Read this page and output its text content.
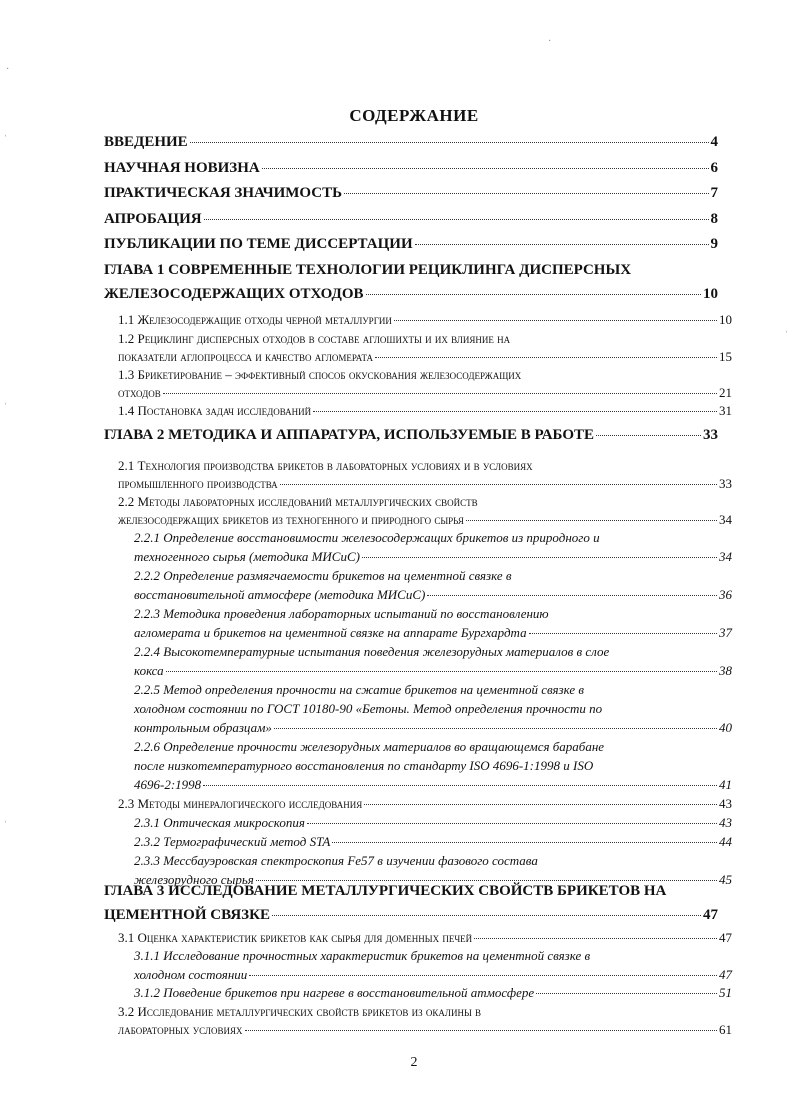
СОДЕРЖАНИЕ
ВВЕДЕНИЕ	4
НАУЧНАЯ НОВИЗНА	6
ПРАКТИЧЕСКАЯ ЗНАЧИМОСТЬ	7
АПРОБАЦИЯ	8
ПУБЛИКАЦИИ ПО ТЕМЕ ДИССЕРТАЦИИ	9
ГЛАВА 1 СОВРЕМЕННЫЕ ТЕХНОЛОГИИ РЕЦИКЛИНГА ДИСПЕРСНЫХ
ЖЕЛЕЗОСОДЕРЖАЩИХ ОТХОДОВ	10
1.1 Железосодержащие отходы черной металлургии	10
1.2 Рециклинг дисперсных отходов в составе аглошихты и их влияние на
показатели аглопроцесса и качество агломерата	15
1.3 Брикетирование – эффективный способ окускования железосодержащих
отходов	21
1.4 Постановка задач исследований	31
ГЛАВА 2 МЕТОДИКА И АППАРАТУРА, ИСПОЛЬЗУЕМЫЕ В РАБОТЕ	33
2.1 Технология производства брикетов в лабораторных условиях и в условиях
промышленного производства	33
2.2 Методы лабораторных исследований металлургических свойств
железосодержащих брикетов из техногенного и природного сырья	34
2.2.1 Определение восстановимости железосодержащих брикетов из природного и
техногенного сырья (методика МИСиС)	34
2.2.2 Определение размягчаемости брикетов на цементной связке в
восстановительной атмосфере (методика МИСиС)	36
2.2.3 Методика проведения лабораторных испытаний по восстановлению
агломерата и брикетов на цементной связке на аппарате Бургхардта	37
2.2.4 Высокотемпературные испытания поведения железорудных материалов в слое
кокса	38
2.2.5 Метод определения прочности на сжатие брикетов на цементной связке в
холодном состоянии по ГОСТ 10180-90 «Бетоны. Метод определения прочности по
контрольным образцам»	40
2.2.6 Определение прочности железорудных материалов во вращающемся барабане
после низкотемпературного восстановления по стандарту ISO 4696-1:1998 и ISO
4696-2:1998	41
2.3 Методы минералогического исследования	43
2.3.1 Оптическая микроскопия	43
2.3.2 Термографический метод STA	44
2.3.3 Мессбауэровская спектроскопия Fe57 в изучении фазового состава
железорудного сырья	45
ГЛАВА 3 ИССЛЕДОВАНИЕ МЕТАЛЛУРГИЧЕСКИХ СВОЙСТВ БРИКЕТОВ НА
ЦЕМЕНТНОЙ СВЯЗКЕ	47
3.1 Оценка характеристик брикетов как сырья для доменных печей	47
3.1.1 Исследование прочностных характеристик брикетов на цементной связке в
холодном состоянии	47
3.1.2 Поведение брикетов при нагреве в восстановительной атмосфере	51
3.2 Исследование металлургических свойств брикетов из окалины в
лабораторных условиях	61
2
·
·
ˈ
ˈ
ˈ
ˈ
